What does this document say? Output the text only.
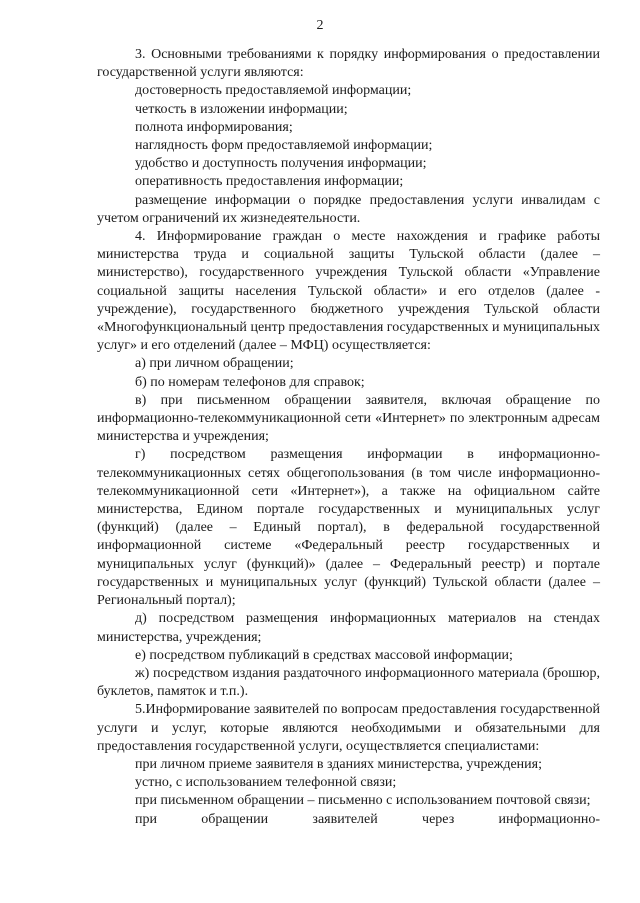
2

3. Основными требованиями к порядку информирования о предоставлении государственной услуги являются:

достоверность предоставляемой информации;

четкость в изложении информации;

полнота информирования;

наглядность форм предоставляемой информации;

удобство и доступность получения информации;

оперативность предоставления информации;

размещение информации о порядке предоставления услуги инвалидам с учетом ограничений их жизнедеятельности.

4. Информирование граждан о месте нахождения и графике работы министерства труда и социальной защиты Тульской области (далее – министерство), государственного учреждения Тульской области «Управление социальной защиты населения Тульской области» и его отделов (далее - учреждение), государственного бюджетного учреждения Тульской области «Многофункциональный центр предоставления государственных и муниципальных услуг» и его отделений (далее – МФЦ) осуществляется:

а) при личном обращении;

б) по номерам телефонов для справок;

в) при письменном обращении заявителя, включая обращение по информационно-телекоммуникационной сети «Интернет» по электронным адресам министерства и учреждения;

г) посредством размещения информации в информационно-телекоммуникационных сетях общегопользования (в том числе информационно-телекоммуникационной сети «Интернет»), а также на официальном сайте министерства, Едином портале государственных и муниципальных услуг (функций) (далее – Единый портал), в федеральной государственной информационной системе «Федеральный реестр государственных и муниципальных услуг (функций)» (далее – Федеральный реестр) и портале государственных и муниципальных услуг (функций) Тульской области (далее – Региональный портал);

д) посредством размещения информационных материалов на стендах министерства, учреждения;

е) посредством публикаций в средствах массовой информации;

ж) посредством издания раздаточного информационного материала (брошюр, буклетов, памяток и т.п.).

5.Информирование заявителей по вопросам предоставления государственной услуги и услуг, которые являются необходимыми и обязательными для предоставления государственной услуги, осуществляется специалистами:

при личном приеме заявителя в зданиях министерства, учреждения;

устно, с использованием телефонной связи;

при письменном обращении – письменно с использованием почтовой связи;

при обращении заявителей через информационно-
